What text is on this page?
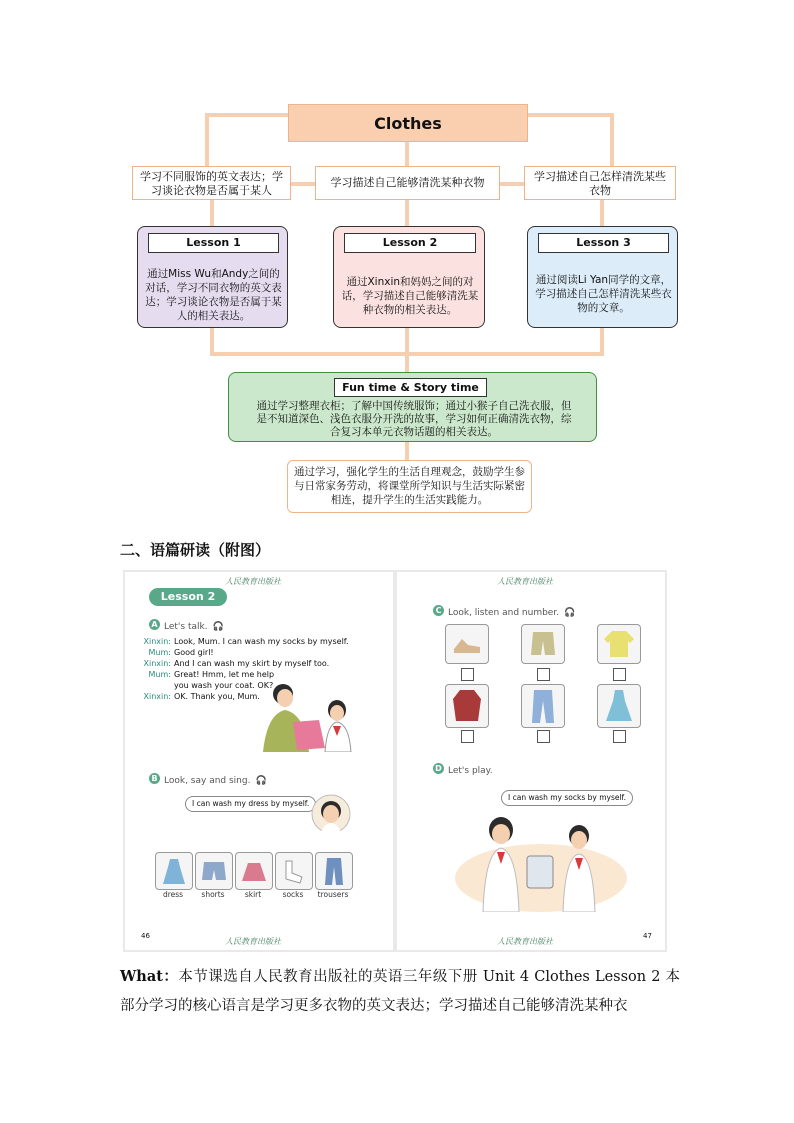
Clothes
学习不同服饰的英文表达；学习谈论衣物是否属于某人
学习描述自己能够清洗某种衣物	学习描述自己怎样清洗某些衣物
Lesson 1
通过Miss Wu和Andy之间的对话，学习不同衣物的英文表达；学习谈论衣物是否属于某人的相关表达。
Lesson 2
通过Xinxin和妈妈之间的对话，学习描述自己能够清洗某种衣物的相关表达。
Lesson 3
通过阅读Li Yan同学的文章，学习描述自己怎样清洗某些衣物的文章。
Fun time & Story time
通过学习整理衣柜；了解中国传统服饰；通过小猴子自己洗衣服，但是不知道深色、浅色衣服分开洗的故事，学习如何正确清洗衣物，综合复习本单元衣物话题的相关表达。
通过学习，强化学生的生活自理观念，鼓励学生参与日常家务劳动，将课堂所学知识与生活实际紧密相连，提升学生的生活实践能力。
二、语篇研读（附图）
人民教育出版社
Lesson 2
A Let's talk. 🎧
Xinxin: Look, Mum. I can wash my socks by myself.
Mum: Good girl!
Xinxin: And I can wash my skirt by myself too.
Mum: Great! Hmm, let me help
you wash your coat. OK?
Xinxin: OK. Thank you, Mum.
B Look, say and sing. 🎧
I can wash my dress by myself.
dress	shorts	skirt	socks	trousers
46
人民教育出版社
人民教育出版社
C Look, listen and number. 🎧
D Let's play.
I can wash my socks by myself.
人民教育出版社
47
What：本节课选自人民教育出版社的英语三年级下册 Unit 4 Clothes Lesson 2 本部分学习的核心语言是学习更多衣物的英文表达；学习描述自己能够清洗某种衣
